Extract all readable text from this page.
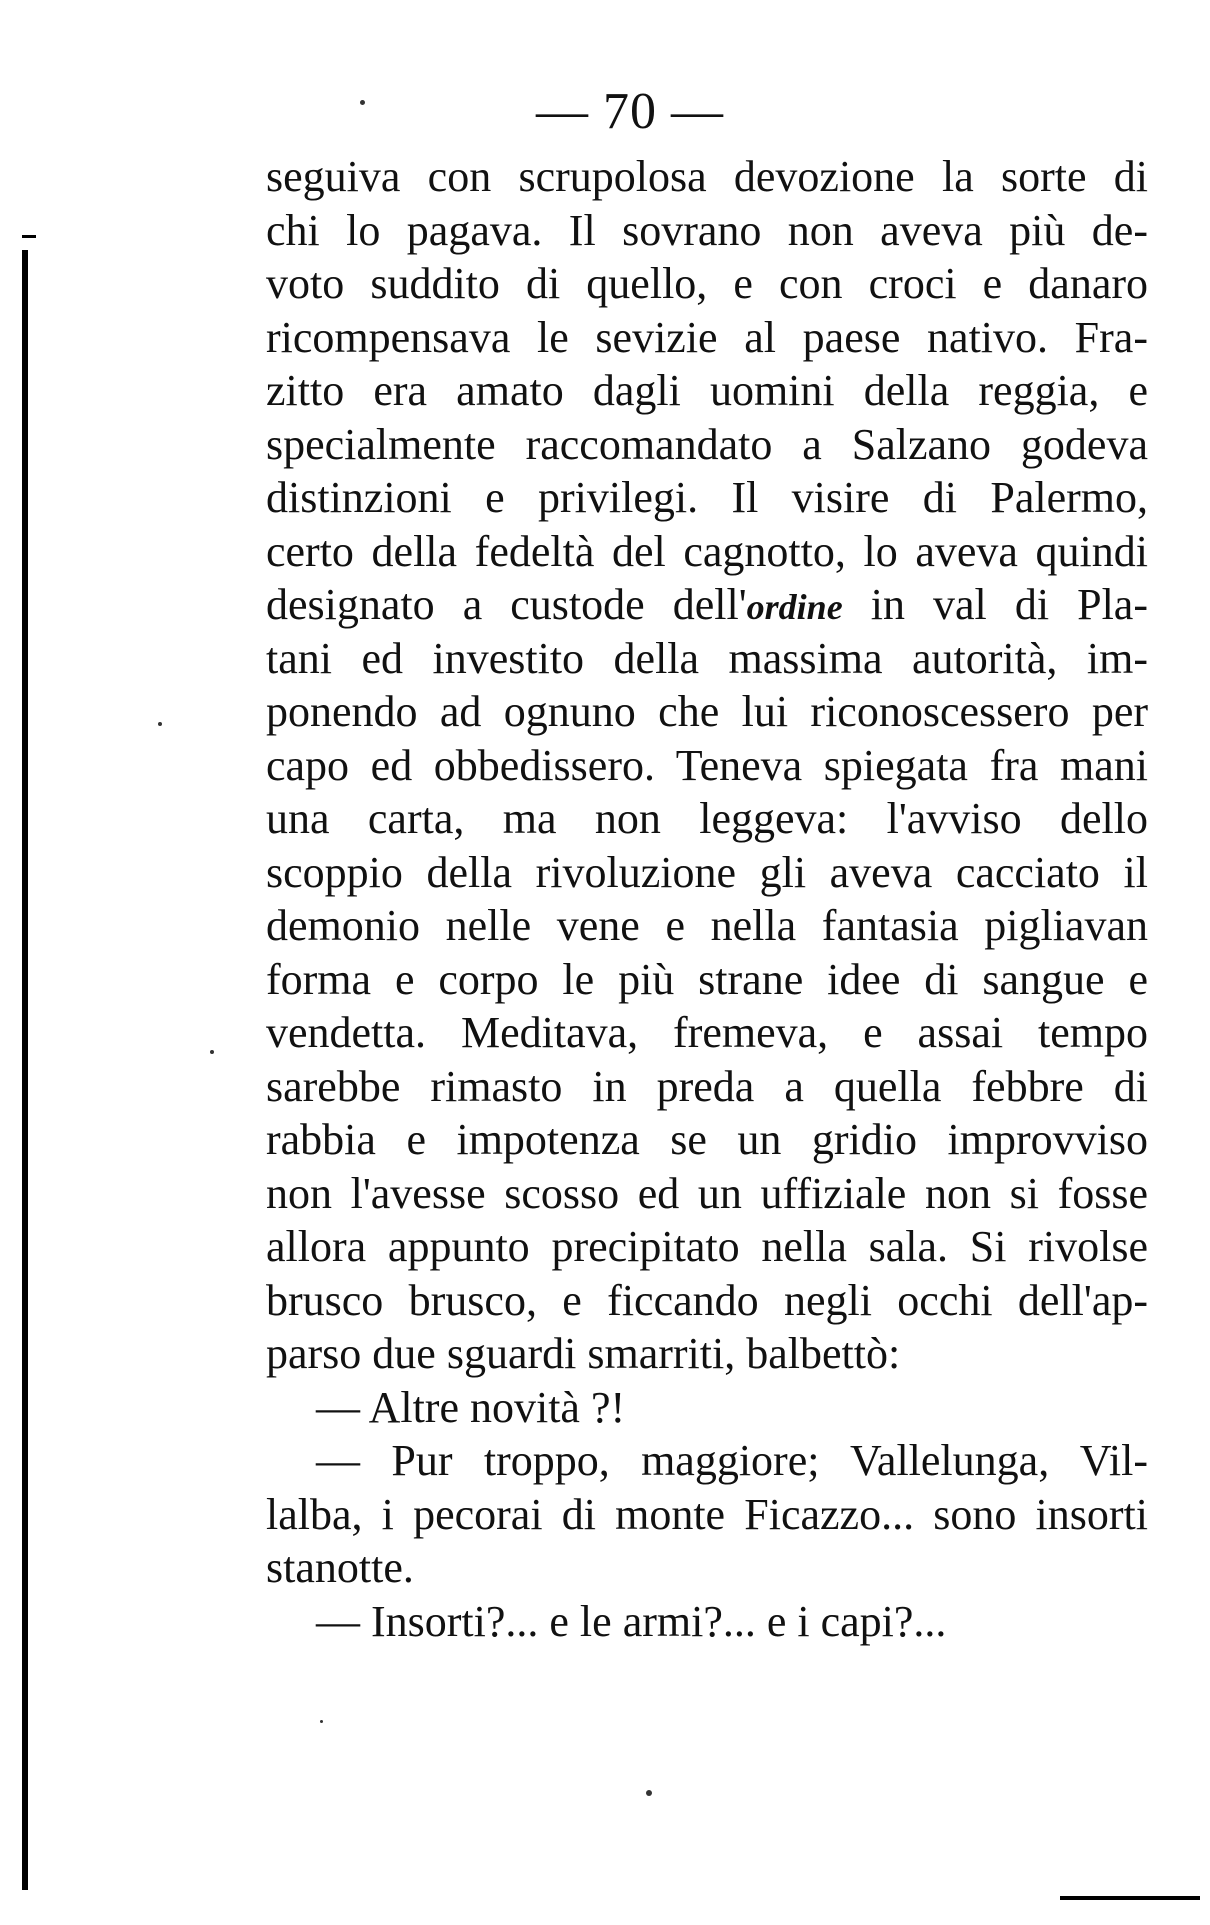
— 70 —
seguiva con scrupolosa devozione la sorte di
chi lo pagava. Il sovrano non aveva più de-
voto suddito di quello, e con croci e danaro
ricompensava le sevizie al paese nativo. Fra-
zitto era amato dagli uomini della reggia, e
specialmente raccomandato a Salzano godeva
distinzioni e privilegi. Il visire di Palermo,
certo della fedeltà del cagnotto, lo aveva quindi
designato a custode dell'ordine in val di Pla-
tani ed investito della massima autorità, im-
ponendo ad ognuno che lui riconoscessero per
capo ed obbedissero. Teneva spiegata fra mani
una carta, ma non leggeva: l'avviso dello
scoppio della rivoluzione gli aveva cacciato il
demonio nelle vene e nella fantasia pigliavan
forma e corpo le più strane idee di sangue e
vendetta. Meditava, fremeva, e assai tempo
sarebbe rimasto in preda a quella febbre di
rabbia e impotenza se un gridio improvviso
non l'avesse scosso ed un uffiziale non si fosse
allora appunto precipitato nella sala. Si rivolse
brusco brusco, e ficcando negli occhi dell'ap-
parso due sguardi smarriti, balbettò:
— Altre novità ?!
— Pur troppo, maggiore; Vallelunga, Vil-
lalba, i pecorai di monte Ficazzo... sono insorti
stanotte.
— Insorti?... e le armi?... e i capi?...
